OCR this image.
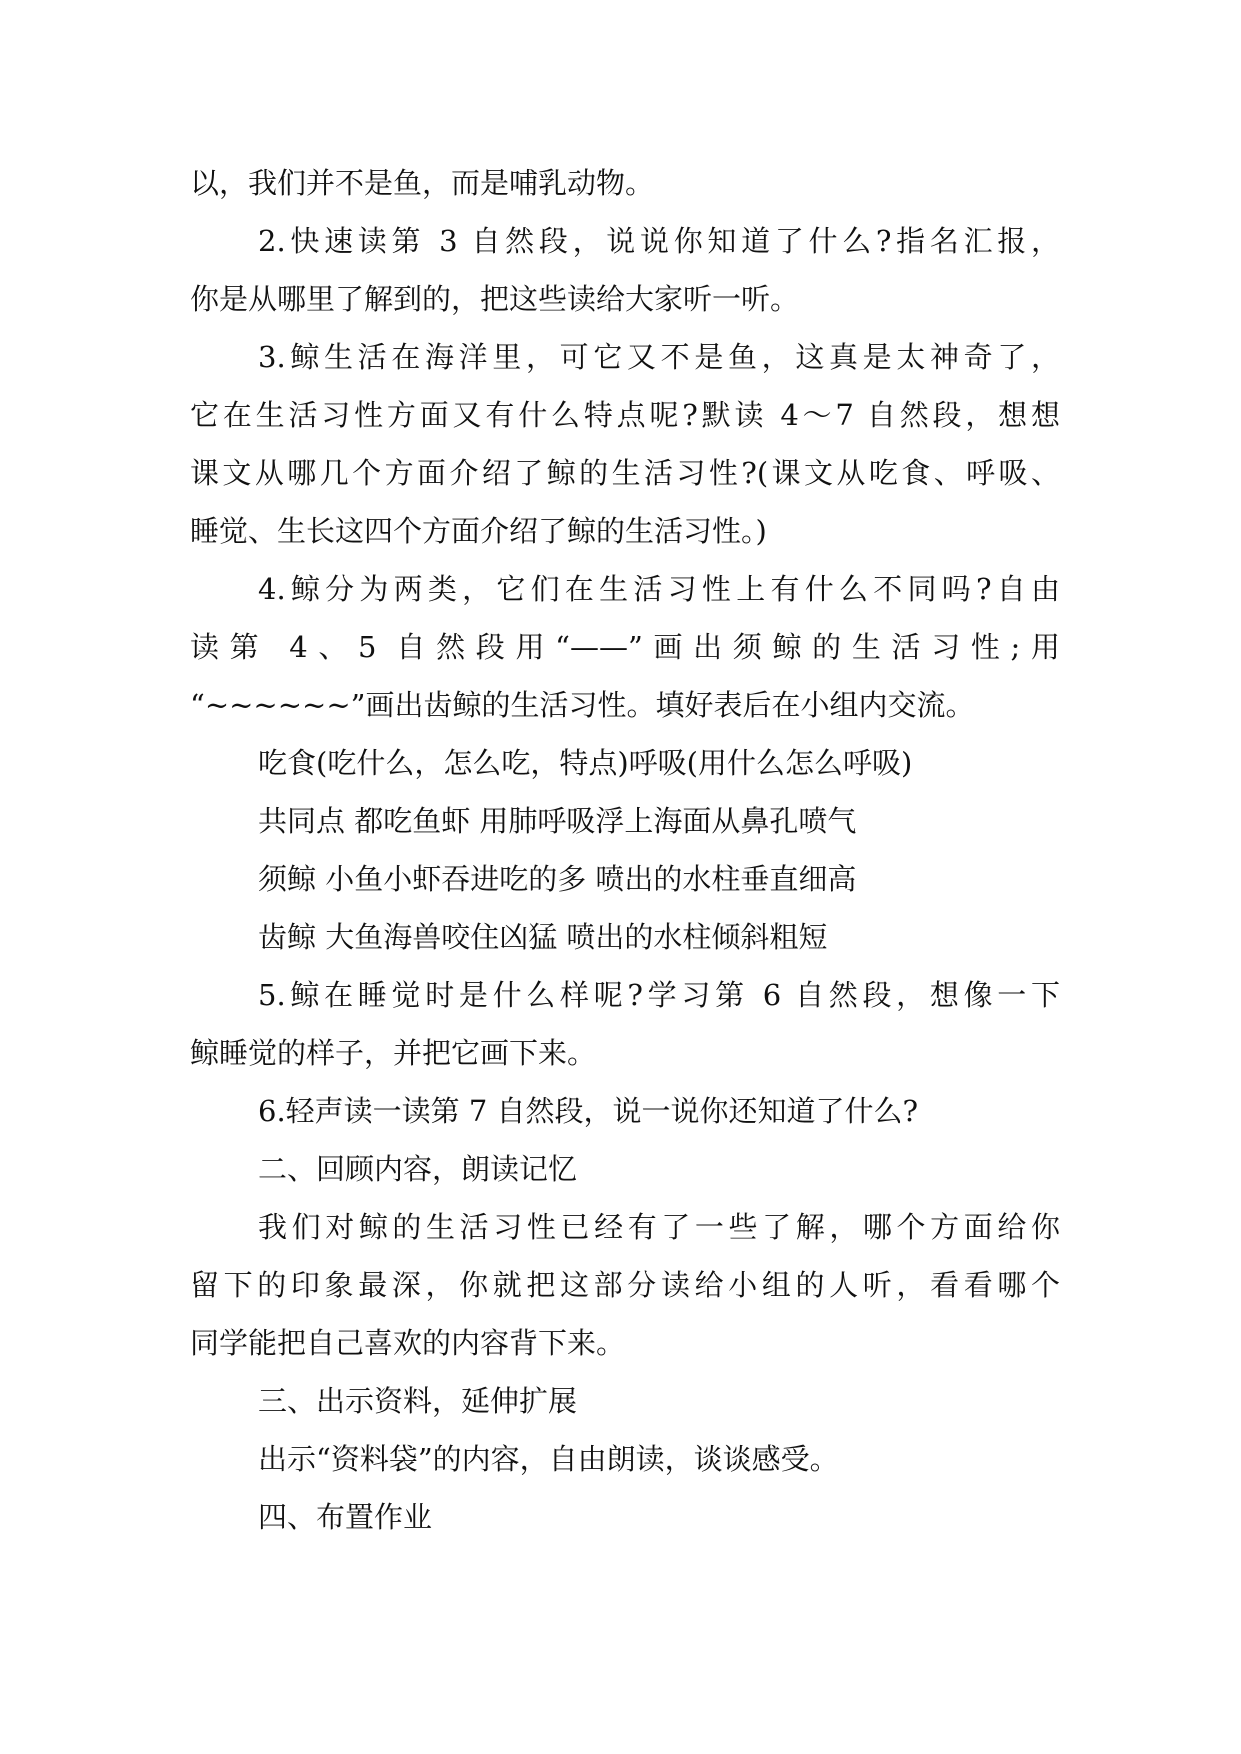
以，我们并不是鱼，而是哺乳动物。
2.快速读第 3 自然段，说说你知道了什么?指名汇报，
你是从哪里了解到的，把这些读给大家听一听。
3.鲸生活在海洋里，可它又不是鱼，这真是太神奇了，
它在生活习性方面又有什么特点呢?默读 4～7 自然段，想想
课文从哪几个方面介绍了鲸的生活习性?(课文从吃食、呼吸、
睡觉、生长这四个方面介绍了鲸的生活习性。)
4.鲸分为两类，它们在生活习性上有什么不同吗?自由
读第 4、5 自然段用“——”画出须鲸的生活习性;用
“~~~~~~”画出齿鲸的生活习性。填好表后在小组内交流。
吃食(吃什么，怎么吃，特点)呼吸(用什么怎么呼吸)
共同点 都吃鱼虾 用肺呼吸浮上海面从鼻孔喷气
须鲸 小鱼小虾吞进吃的多 喷出的水柱垂直细高
齿鲸 大鱼海兽咬住凶猛 喷出的水柱倾斜粗短
5.鲸在睡觉时是什么样呢?学习第 6 自然段，想像一下
鲸睡觉的样子，并把它画下来。
6.轻声读一读第 7 自然段，说一说你还知道了什么?
二、回顾内容，朗读记忆
我们对鲸的生活习性已经有了一些了解，哪个方面给你
留下的印象最深，你就把这部分读给小组的人听，看看哪个
同学能把自己喜欢的内容背下来。
三、出示资料，延伸扩展
出示“资料袋”的内容，自由朗读，谈谈感受。
四、布置作业
